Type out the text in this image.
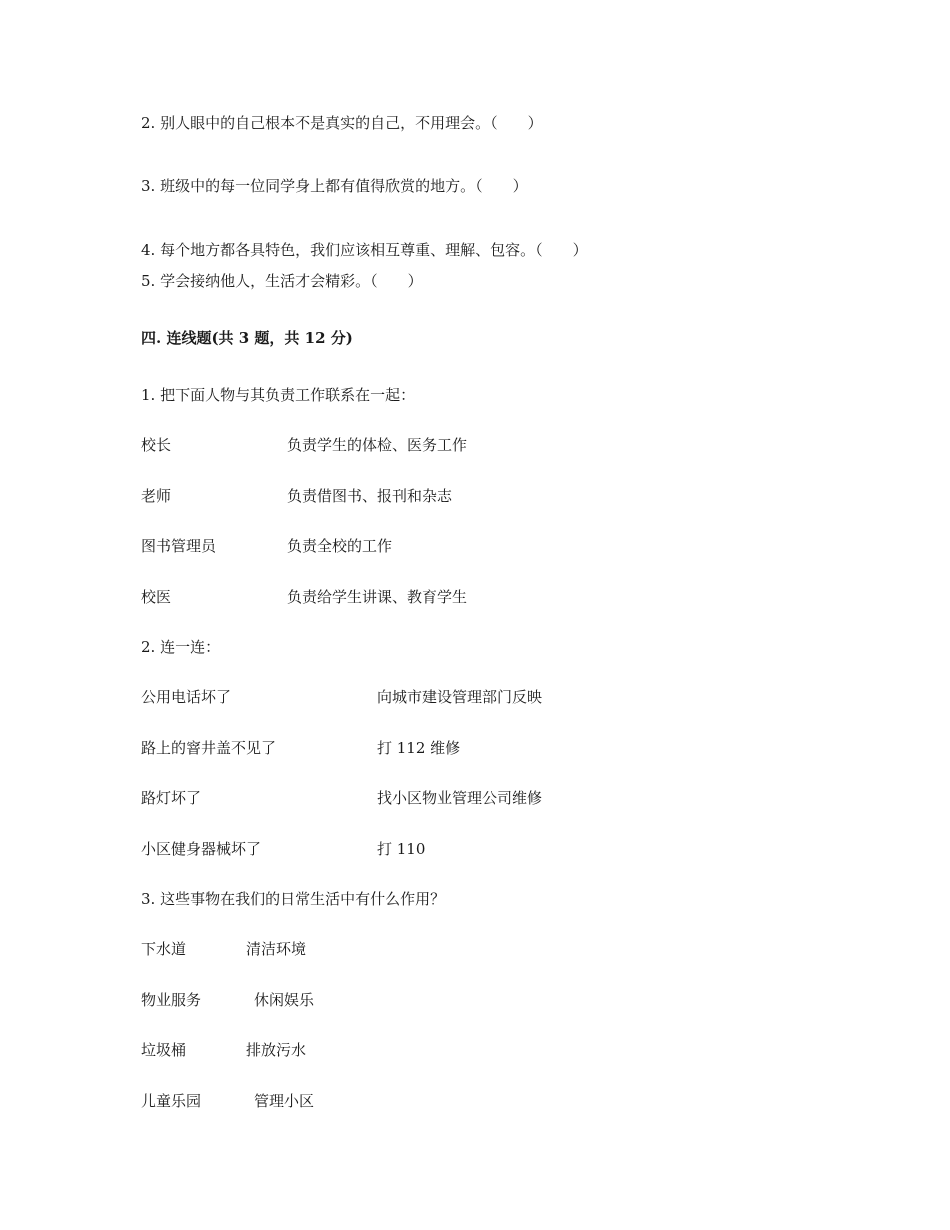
2. 别人眼中的自己根本不是真实的自己，不用理会。（　　）
3. 班级中的每一位同学身上都有值得欣赏的地方。（　　）
4. 每个地方都各具特色，我们应该相互尊重、理解、包容。（　　）
5. 学会接纳他人，生活才会精彩。（　　）
四. 连线题(共 3 题，共 12 分)
1. 把下面人物与其负责工作联系在一起：
校长	负责学生的体检、医务工作
老师	负责借图书、报刊和杂志
图书管理员	负责全校的工作
校医	负责给学生讲课、教育学生
2. 连一连：
公用电话坏了	向城市建设管理部门反映
路上的窨井盖不见了	打 112 维修
路灯坏了	找小区物业管理公司维修
小区健身器械坏了	打 110
3. 这些事物在我们的日常生活中有什么作用？
下水道	清洁环境
物业服务	休闲娱乐
垃圾桶	排放污水
儿童乐园	管理小区
